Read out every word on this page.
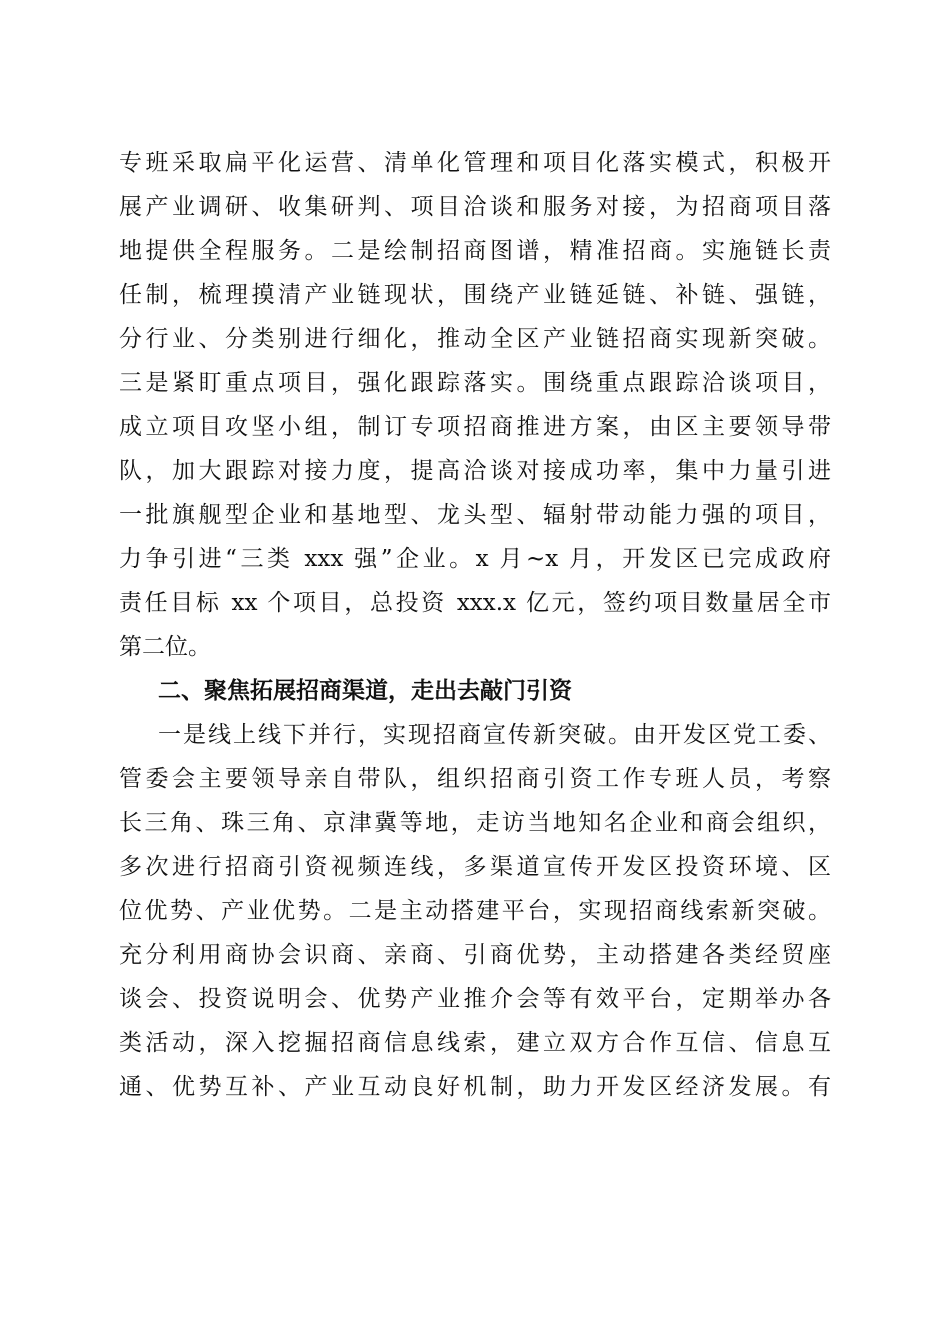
专班采取扁平化运营、清单化管理和项目化落实模式，积极开
展产业调研、收集研判、项目洽谈和服务对接，为招商项目落
地提供全程服务。二是绘制招商图谱，精准招商。实施链长责
任制，梳理摸清产业链现状，围绕产业链延链、补链、强链，
分行业、分类别进行细化，推动全区产业链招商实现新突破。
三是紧盯重点项目，强化跟踪落实。围绕重点跟踪洽谈项目，
成立项目攻坚小组，制订专项招商推进方案，由区主要领导带
队，加大跟踪对接力度，提高洽谈对接成功率，集中力量引进
一批旗舰型企业和基地型、龙头型、辐射带动能力强的项目，
力争引进“三类 xxx 强”企业。x 月~x 月，开发区已完成政府
责任目标 xx 个项目，总投资 xxx.x 亿元，签约项目数量居全市
第二位。
二、聚焦拓展招商渠道，走出去敲门引资
一是线上线下并行，实现招商宣传新突破。由开发区党工委、
管委会主要领导亲自带队，组织招商引资工作专班人员，考察
长三角、珠三角、京津冀等地，走访当地知名企业和商会组织，
多次进行招商引资视频连线，多渠道宣传开发区投资环境、区
位优势、产业优势。二是主动搭建平台，实现招商线索新突破。
充分利用商协会识商、亲商、引商优势，主动搭建各类经贸座
谈会、投资说明会、优势产业推介会等有效平台，定期举办各
类活动，深入挖掘招商信息线索，建立双方合作互信、信息互
通、优势互补、产业互动良好机制，助力开发区经济发展。有
